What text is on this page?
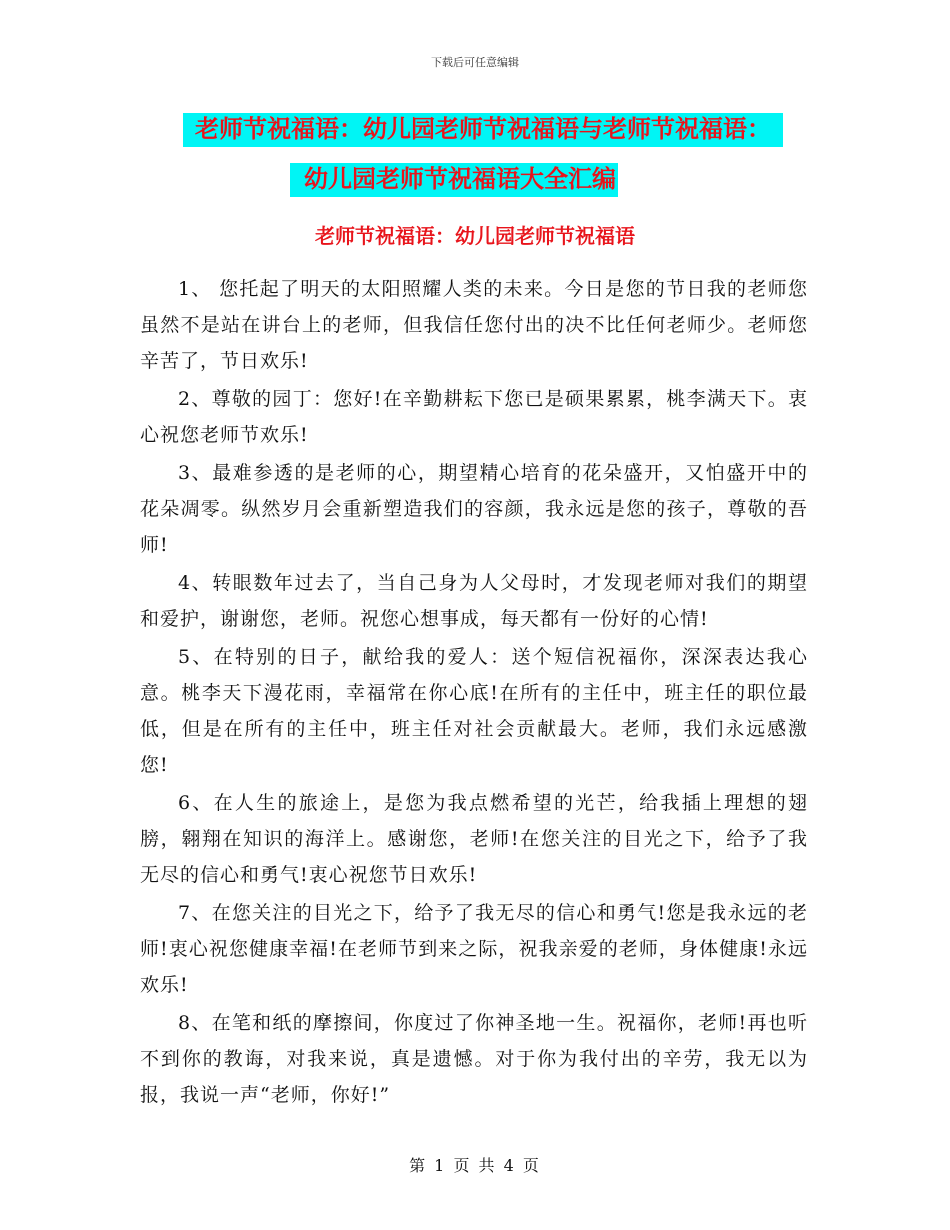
下载后可任意编辑
老师节祝福语：幼儿园老师节祝福语与老师节祝福语：
幼儿园老师节祝福语大全汇编
老师节祝福语：幼儿园老师节祝福语

1、 您托起了明天的太阳照耀人类的未来。今日是您的节日我的老师您虽然不是站在讲台上的老师，但我信任您付出的决不比任何老师少。老师您辛苦了，节日欢乐!

2、尊敬的园丁：您好!在辛勤耕耘下您已是硕果累累，桃李满天下。衷心祝您老师节欢乐!

3、最难参透的是老师的心，期望精心培育的花朵盛开，又怕盛开中的花朵凋零。纵然岁月会重新塑造我们的容颜，我永远是您的孩子，尊敬的吾师!

4、转眼数年过去了，当自己身为人父母时，才发现老师对我们的期望和爱护，谢谢您，老师。祝您心想事成，每天都有一份好的心情!

5、在特别的日子，献给我的爱人：送个短信祝福你，深深表达我心意。桃李天下漫花雨，幸福常在你心底!在所有的主任中，班主任的职位最低，但是在所有的主任中，班主任对社会贡献最大。老师，我们永远感激您!

6、在人生的旅途上，是您为我点燃希望的光芒，给我插上理想的翅膀，翱翔在知识的海洋上。感谢您，老师!在您关注的目光之下，给予了我无尽的信心和勇气!衷心祝您节日欢乐!

7、在您关注的目光之下，给予了我无尽的信心和勇气!您是我永远的老师!衷心祝您健康幸福!在老师节到来之际，祝我亲爱的老师，身体健康!永远欢乐!

8、在笔和纸的摩擦间，你度过了你神圣地一生。祝福你，老师!再也听不到你的教诲，对我来说，真是遗憾。对于你为我付出的辛劳，我无以为报，我说一声“老师，你好!”

第 1 页 共 4 页
